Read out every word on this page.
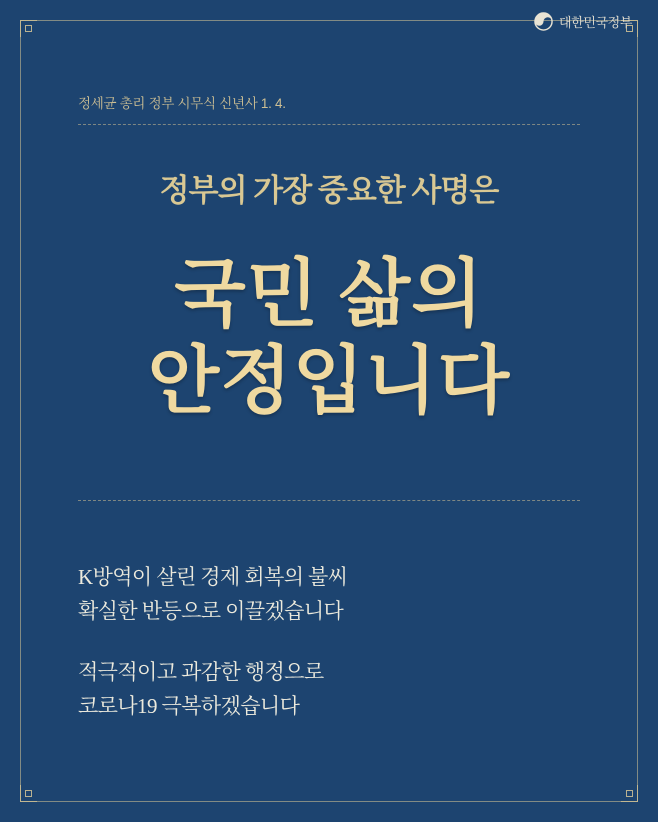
대한민국정부
정세균 총리 정부 시무식 신년사 1. 4.
정부의 가장 중요한 사명은
국민 삶의
안정입니다
K방역이 살린 경제 회복의 불씨
확실한 반등으로 이끌겠습니다
적극적이고 과감한 행정으로
코로나19 극복하겠습니다
